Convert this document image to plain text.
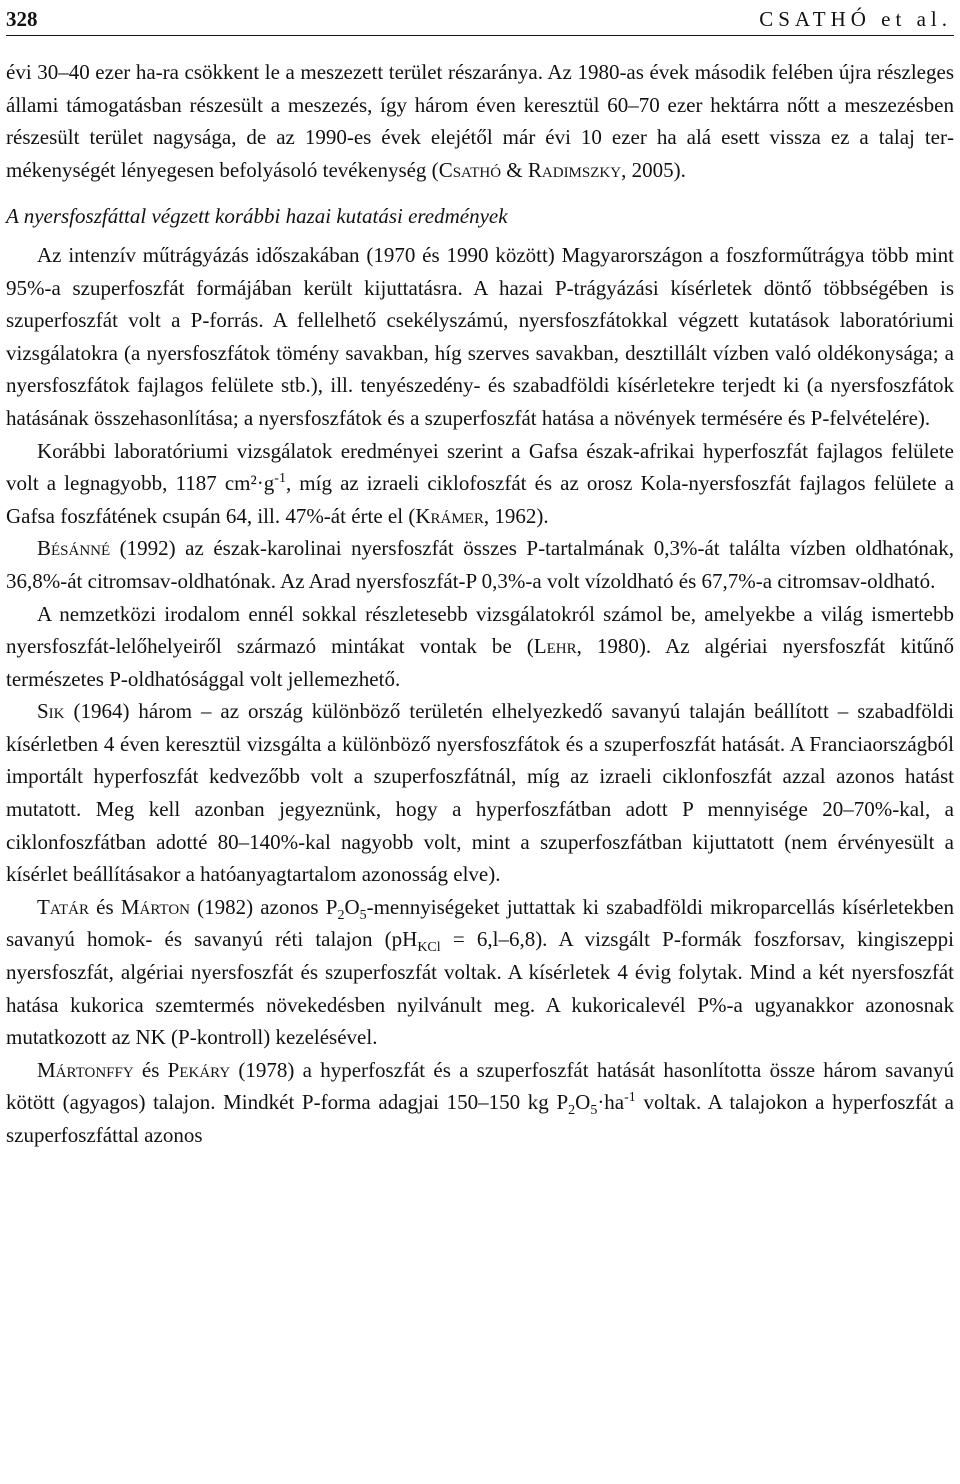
328	CSATHÓ et al.

évi 30–40 ezer ha-ra csökkent le a meszezett terület részaránya. Az 1980-as évek második felében újra részleges állami támogatásban részesült a meszezés, így három éven keresztül 60–70 ezer hektárra nőtt a meszezésben részesült terület nagysága, de az 1990-es évek elejétől már évi 10 ezer ha alá esett vissza ez a talaj termékenységét lényegesen befolyásoló tevékenység (Csathó & Radimszky, 2005).

A nyersfoszfáttal végzett korábbi hazai kutatási eredmények

Az intenzív műtrágyázás időszakában (1970 és 1990 között) Magyarországon a foszforműtrágya több mint 95%-a szuperfoszfát formájában került kijuttatásra. A hazai P-trágyázási kísérletek döntő többségében is szuperfoszfát volt a P-forrás. A fellelhető csekélyszámú, nyersfoszfátokkal végzett kutatások laboratóriumi vizsgálatokra (a nyersfoszfátok tömény savakban, híg szerves savakban, desztillált vízben való oldékonysága; a nyersfoszfátok fajlagos felülete stb.), ill. tenyészedény- és szabadföldi kísérletekre terjedt ki (a nyersfoszfátok hatásának összehasonlítása; a nyersfoszfátok és a szuperfoszfát hatása a növények termésére és P-felvételére).

Korábbi laboratóriumi vizsgálatok eredményei szerint a Gafsa észak-afrikai hyperfoszfát fajlagos felülete volt a legnagyobb, 1187 $cm^2\cdot g^{-1}$, míg az izraeli ciklofoszfát és az orosz Kola-nyersfoszfát fajlagos felülete a Gafsa foszfátének csupán 64, ill. 47%-át érte el (Krámer, 1962).

Bésánné (1992) az észak-karolinai nyersfoszfát összes P-tartalmának 0,3%-át találta vízben oldhatónak, 36,8%-át citromsav-oldhatónak. Az Arad nyersfoszfát-P 0,3%-a volt vízoldható és 67,7%-a citromsav-oldható.

A nemzetközi irodalom ennél sokkal részletesebb vizsgálatokról számol be, amelyekbe a világ ismertebb nyersfoszfát-lelőhelyeiről származó mintákat vontak be (Lehr, 1980). Az algériai nyersfoszfát kitűnő természetes P-oldhatósággal volt jellemezhető.

Sik (1964) három – az ország különböző területén elhelyezkedő savanyú talaján beállított – szabadföldi kísérletben 4 éven keresztül vizsgálta a különböző nyersfoszfátok és a szuperfoszfát hatását. A Franciaországból importált hyperfoszfát kedvezőbb volt a szuperfoszfátnál, míg az izraeli ciklonfoszfát azzal azonos hatást mutatott. Meg kell azonban jegyeznünk, hogy a hyperfoszfátban adott P mennyisége 20–70%-kal, a ciklonfoszfátban adotté 80–140%-kal nagyobb volt, mint a szuperfoszfátban kijuttatott (nem érvényesült a kísérlet beállításakor a hatóanyagtartalom azonosság elve).

Tatár és Márton (1982) azonos $P_2O_5$-mennyiségeket juttattak ki szabadföldi mikroparcellás kísérletekben savanyú homok- és savanyú réti talajon $(pH_{KCl} = 6,l-6,8)$. A vizsgált P-formák foszforsav, kingiszeppi nyersfoszfát, algériai nyersfoszfát és szuperfoszfát voltak. A kísérletek 4 évig folytak. Mind a két nyersfoszfát hatása kukorica szemtermés növekedésben nyilvánult meg. A kukoricalevél P%-a ugyanakkor azonosnak mutatkozott az NK (P-kontroll) kezelésével.

Mártonffy és Pekáry (1978) a hyperfoszfát és a szuperfoszfát hatását hasonlította össze három savanyú kötött (agyagos) talajon. Mindkét P-forma adagjai 150–150 kg $P_2O_5\cdot ha^{-1}$ voltak. A talajokon a hyperfoszfát a szuperfoszfáttal azonos
